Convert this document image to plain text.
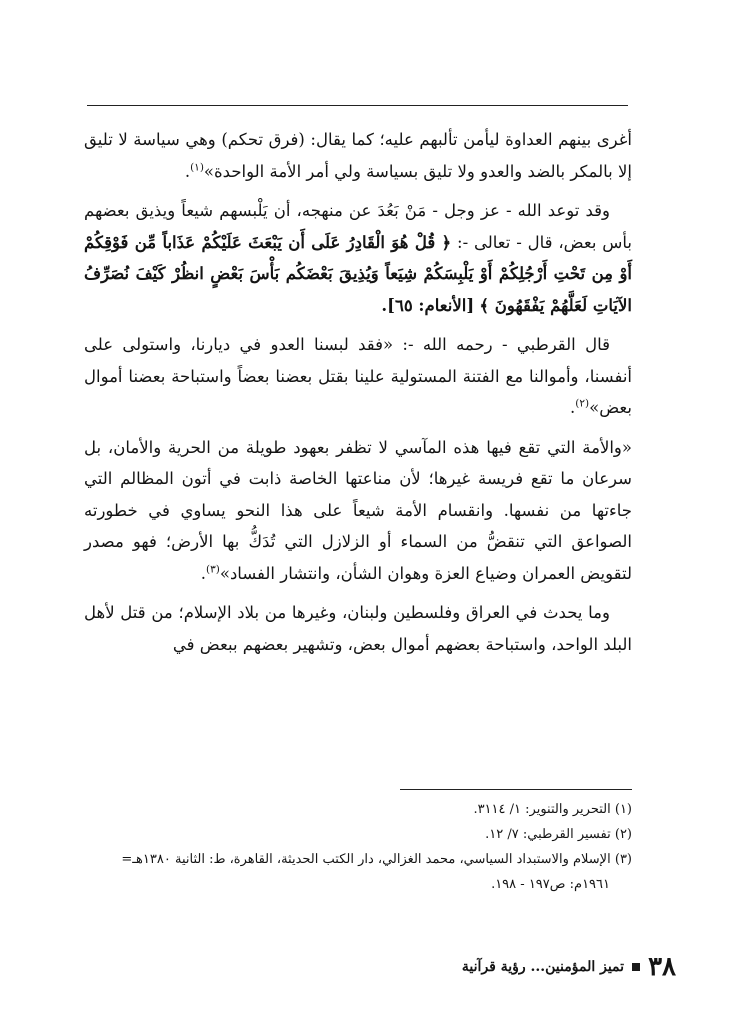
أغرى بينهم العداوة ليأمن تألبهم عليه؛ كما يقال: (فرق تحكم) وهي سياسة لا تليق إلا بالمكر بالضد والعدو ولا تليق بسياسة ولي أمر الأمة الواحدة»$^{(١)}$.

وقد توعد الله - عز وجل - مَنْ بَعُدَ عن منهجه، أن يَلْبسهم شيعاً ويذيق بعضهم بأس بعض، قال - تعالى -: ﴿ قُلْ هُوَ الْقَادِرُ عَلَى أَن يَبْعَثَ عَلَيْكُمْ عَذَاباً مِّن فَوْقِكُمْ أَوْ مِن تَحْتِ أَرْجُلِكُمْ أَوْ يَلْبِسَكُمْ شِيَعاً وَيُذِيقَ بَعْضَكُم بَأْسَ بَعْضٍ انظُرْ كَيْفَ نُصَرِّفُ الآيَاتِ لَعَلَّهُمْ يَفْقَهُونَ ﴾ [الأنعام: ٦٥].

قال القرطبي - رحمه الله -: «فقد لبسنا العدو في ديارنا، واستولى على أنفسنا، وأموالنا مع الفتنة المستولية علينا بقتل بعضنا بعضاً واستباحة بعضنا أموال بعض»$^{(٢)}$.

«والأمة التي تقع فيها هذه المآسي لا تظفر بعهود طويلة من الحرية والأمان، بل سرعان ما تقع فريسة غيرها؛ لأن مناعتها الخاصة ذابت في أتون المظالم التي جاءتها من نفسها. وانقسام الأمة شيعاً على هذا النحو يساوي في خطورته الصواعق التي تنقضُّ من السماء أو الزلازل التي تُدَكُّ بها الأرض؛ فهو مصدر لتقويض العمران وضياع العزة وهوان الشأن، وانتشار الفساد»$^{(٣)}$.

وما يحدث في العراق وفلسطين ولبنان، وغيرها من بلاد الإسلام؛ من قتل لأهل البلد الواحد، واستباحة بعضهم أموال بعض، وتشهير بعضهم ببعض في

(١) التحرير والتنوير: ١/ ٣١١٤.

(٢) تفسير القرطبي: ٧/ ١٢.

(٣) الإسلام والاستبداد السياسي، محمد الغزالي، دار الكتب الحديثة، القاهرة، ط: الثانية ١٣٨٠هـ=

١٩٦١م: ص١٩٧ - ١٩٨.

٣٨
تميز المؤمنين... رؤية قرآنية
